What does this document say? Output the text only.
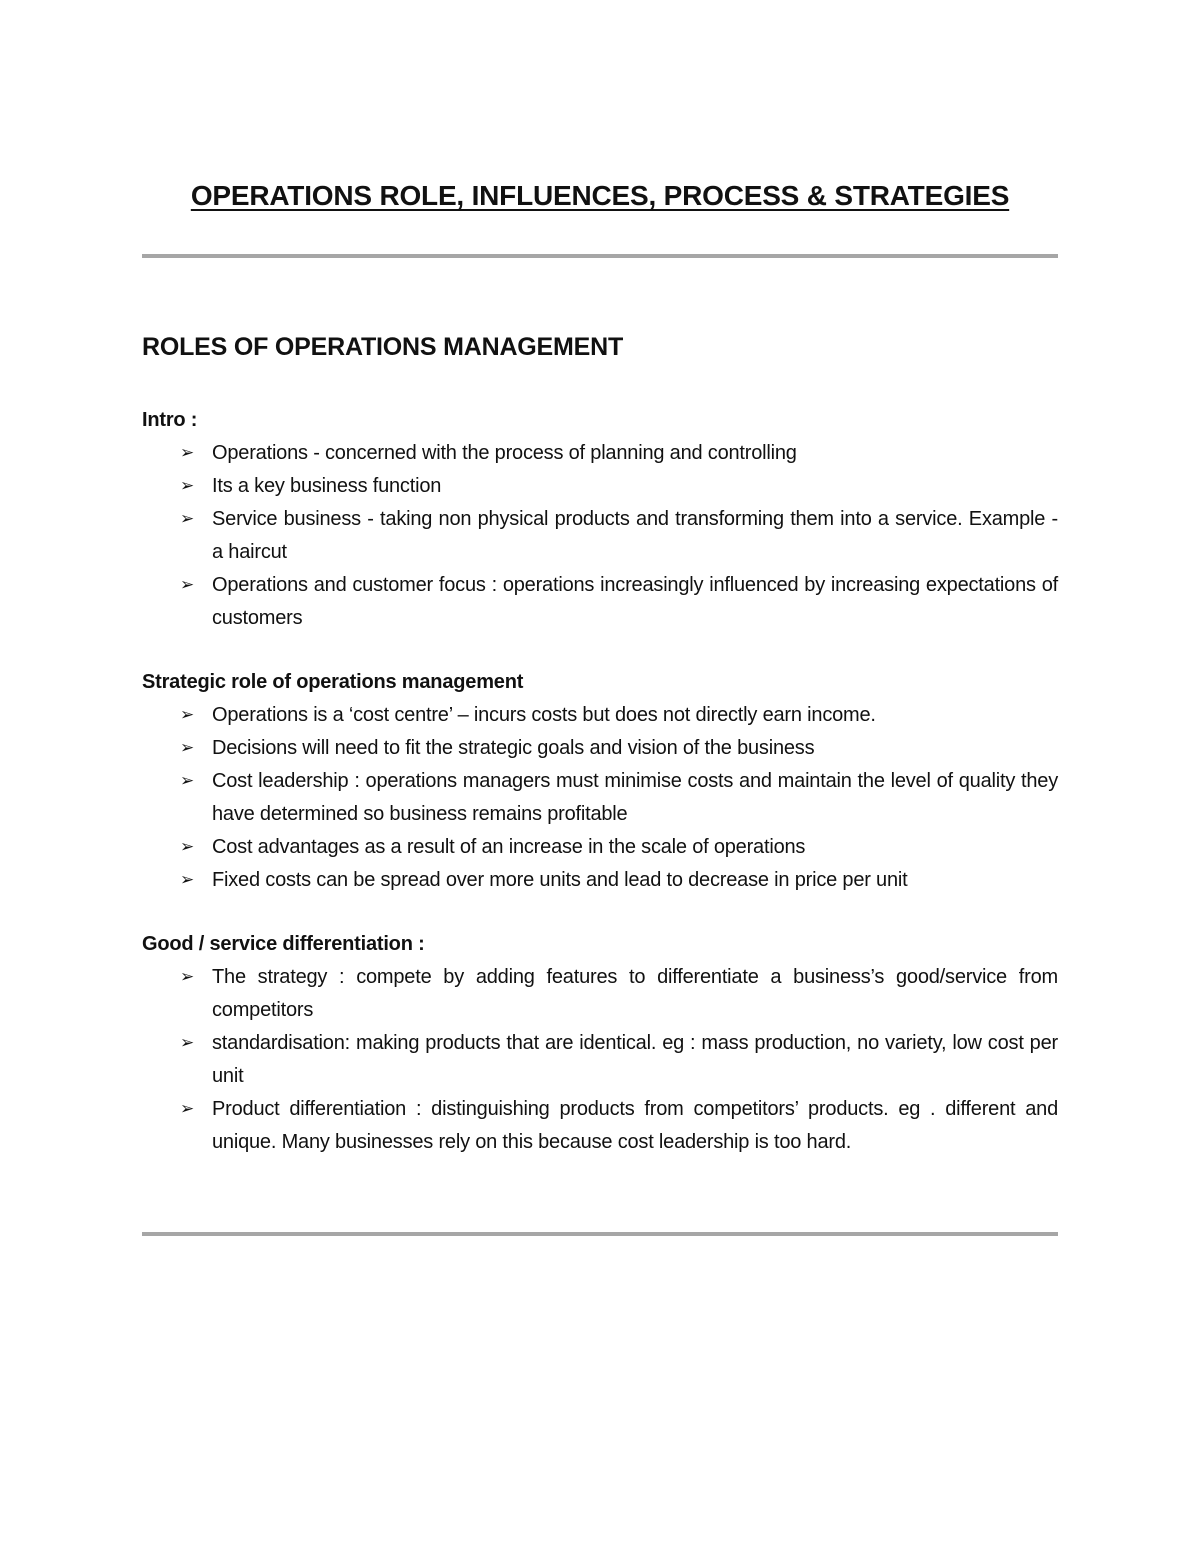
OPERATIONS ROLE, INFLUENCES, PROCESS & STRATEGIES
ROLES OF OPERATIONS MANAGEMENT

Intro :

➢ Operations - concerned with the process of planning and controlling
➢ Its a key business function
➢ Service business - taking non physical products and transforming them into a service. Example - a haircut
➢ Operations and customer focus : operations increasingly influenced by increasing expectations of customers

Strategic role of operations management

➢ Operations is a ‘cost centre’ – incurs costs but does not directly earn income.
➢ Decisions will need to fit the strategic goals and vision of the business
➢ Cost leadership : operations managers must minimise costs and maintain the level of quality they have determined so business remains profitable
➢ Cost advantages as a result of an increase in the scale of operations
➢ Fixed costs can be spread over more units and lead to decrease in price per unit

Good / service differentiation :

➢ The strategy : compete by adding features to differentiate a business’s good/service from competitors
➢ standardisation: making products that are identical. eg : mass production, no variety, low cost per unit
➢ Product differentiation : distinguishing products from competitors’ products. eg . different and unique. Many businesses rely on this because cost leadership is too hard.
